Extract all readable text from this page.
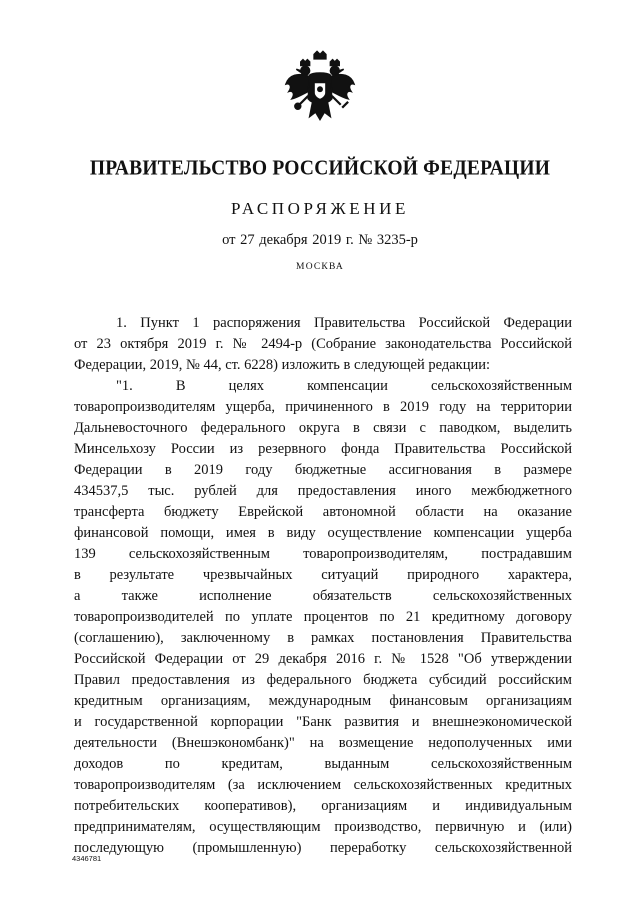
ПРАВИТЕЛЬСТВО РОССИЙСКОЙ ФЕДЕРАЦИИ
РАСПОРЯЖЕНИЕ
от 27 декабря 2019 г. № 3235-р
МОСКВА
1. Пункт 1 распоряжения Правительства Российской Федерации
от 23 октября 2019 г. № 2494-р (Собрание законодательства Российской
Федерации, 2019, № 44, ст. 6228) изложить в следующей редакции:
"1. В целях компенсации сельскохозяйственным
товаропроизводителям ущерба, причиненного в 2019 году на территории
Дальневосточного федерального округа в связи с паводком, выделить
Минсельхозу России из резервного фонда Правительства Российской
Федерации в 2019 году бюджетные ассигнования в размере
434537,5 тыс. рублей для предоставления иного межбюджетного
трансферта бюджету Еврейской автономной области на оказание
финансовой помощи, имея в виду осуществление компенсации ущерба
139 сельскохозяйственным товаропроизводителям, пострадавшим
в результате чрезвычайных ситуаций природного характера,
а также исполнение обязательств сельскохозяйственных
товаропроизводителей по уплате процентов по 21 кредитному договору
(соглашению), заключенному в рамках постановления Правительства
Российской Федерации от 29 декабря 2016 г. № 1528 "Об утверждении
Правил предоставления из федерального бюджета субсидий российским
кредитным организациям, международным финансовым организациям
и государственной корпорации "Банк развития и внешнеэкономической
деятельности (Внешэкономбанк)" на возмещение недополученных ими
доходов по кредитам, выданным сельскохозяйственным
товаропроизводителям (за исключением сельскохозяйственных кредитных
потребительских кооперативов), организациям и индивидуальным
предпринимателям, осуществляющим производство, первичную и (или)
последующую (промышленную) переработку сельскохозяйственной
4346781
